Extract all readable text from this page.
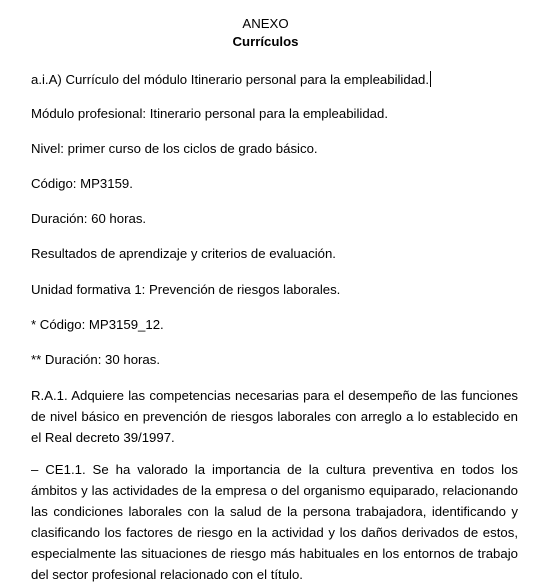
ANEXO
Currículos
a.i.A) Currículo del módulo Itinerario personal para la empleabilidad.
Módulo profesional: Itinerario personal para la empleabilidad.
Nivel: primer curso de los ciclos de grado básico.
Código: MP3159.
Duración: 60 horas.
Resultados de aprendizaje y criterios de evaluación.
Unidad formativa 1: Prevención de riesgos laborales.
* Código: MP3159_12.
** Duración: 30 horas.
R.A.1. Adquiere las competencias necesarias para el desempeño de las funciones de nivel básico en prevención de riesgos laborales con arreglo a lo establecido en el Real decreto 39/1997.
– CE1.1. Se ha valorado la importancia de la cultura preventiva en todos los ámbitos y las actividades de la empresa o del organismo equiparado, relacionando las condiciones laborales con la salud de la persona trabajadora, identificando y clasificando los factores de riesgo en la actividad y los daños derivados de estos, especialmente las situaciones de riesgo más habituales en los entornos de trabajo del sector profesional relacionado con el título.
